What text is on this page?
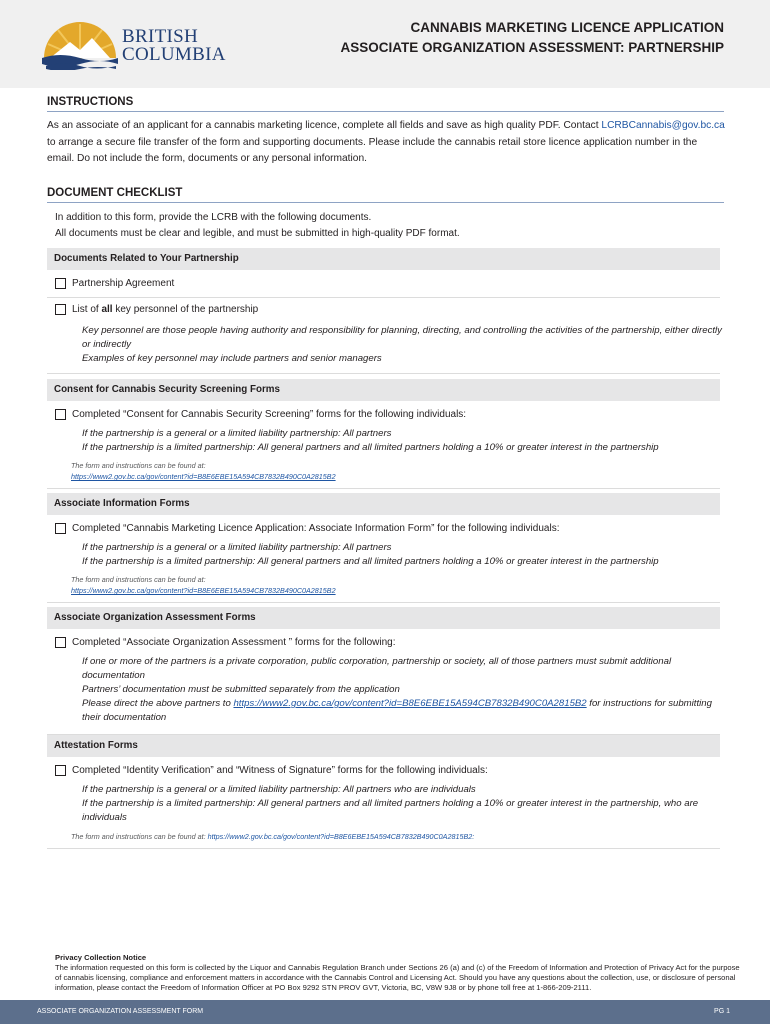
BRITISH
COLUMBIA
CANNABIS MARKETING LICENCE APPLICATION
ASSOCIATE ORGANIZATION ASSESSMENT: PARTNERSHIP
INSTRUCTIONS
As an associate of an applicant for a cannabis marketing licence, complete all fields and save as high quality PDF. Contact LCRBCannabis@gov.bc.ca to arrange a secure file transfer of the form and supporting documents. Please include the cannabis retail store licence application number in the email. Do not include the form, documents or any personal information.
DOCUMENT CHECKLIST
In addition to this form, provide the LCRB with the following documents.
All documents must be clear and legible, and must be submitted in high-quality PDF format.
Documents Related to Your Partnership
Partnership Agreement
List of all key personnel of the partnership
Key personnel are those people having authority and responsibility for planning, directing, and controlling the activities of the partnership, either directly or indirectly
Examples of key personnel may include partners and senior managers
Consent for Cannabis Security Screening Forms
Completed “Consent for Cannabis Security Screening” forms for the following individuals:
If the partnership is a general or a limited liability partnership: All partners
If the partnership is a limited partnership: All general partners and all limited partners holding a 10% or greater interest in the partnership
The form and instructions can be found at:
https://www2.gov.bc.ca/gov/content?id=B8E6EBE15A594CB7832B490C0A2815B2
Associate Information Forms
Completed “Cannabis Marketing Licence Application: Associate Information Form” for the following individuals:
If the partnership is a general or a limited liability partnership: All partners
If the partnership is a limited partnership: All general partners and all limited partners holding a 10% or greater interest in the partnership
The form and instructions can be found at:
https://www2.gov.bc.ca/gov/content?id=B8E6EBE15A594CB7832B490C0A2815B2
Associate Organization Assessment Forms
Completed “Associate Organization Assessment ” forms for the following:
If one or more of the partners is a private corporation, public corporation, partnership or society, all of those partners must submit additional documentation
Partners’ documentation must be submitted separately from the application
Please direct the above partners to https://www2.gov.bc.ca/gov/content?id=B8E6EBE15A594CB7832B490C0A2815B2 for instructions for submitting their documentation
Attestation Forms
Completed “Identity Verification” and “Witness of Signature” forms for the following individuals:
If the partnership is a general or a limited liability partnership: All partners who are individuals
If the partnership is a limited partnership: All general partners and all limited partners holding a 10% or greater interest in the partnership, who are individuals
The form and instructions can be found at: https://www2.gov.bc.ca/gov/content?id=B8E6EBE15A594CB7832B490C0A2815B2:
Privacy Collection Notice
The information requested on this form is collected by the Liquor and Cannabis Regulation Branch under Sections 26 (a) and (c) of the Freedom of Information and Protection of Privacy Act for the purpose of cannabis licensing, compliance and enforcement matters in accordance with the Cannabis Control and Licensing Act. Should you have any questions about the collection, use, or disclosure of personal information, please contact the Freedom of Information Officer at PO Box 9292 STN PROV GVT, Victoria, BC, V8W 9J8 or by phone toll free at 1-866-209-2111.
ASSOCIATE ORGANIZATION ASSESSMENT FORM	PG 1
